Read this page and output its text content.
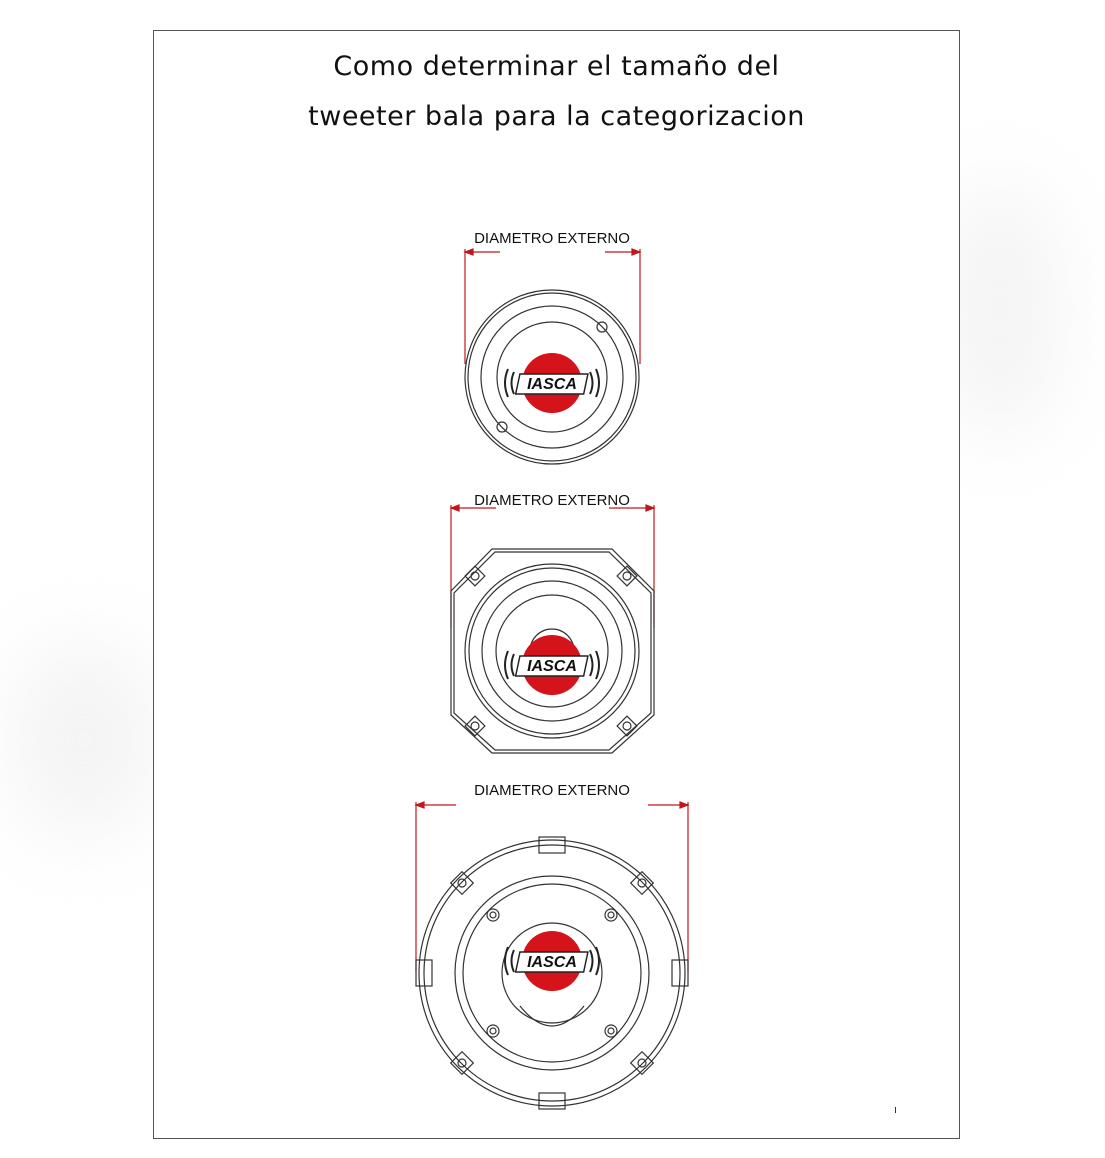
Como determinar el tamaño del
tweeter bala para la categorizacion
DIAMETRO EXTERNO
IASCA
DIAMETRO EXTERNO
IASCA
DIAMETRO EXTERNO
IASCA
